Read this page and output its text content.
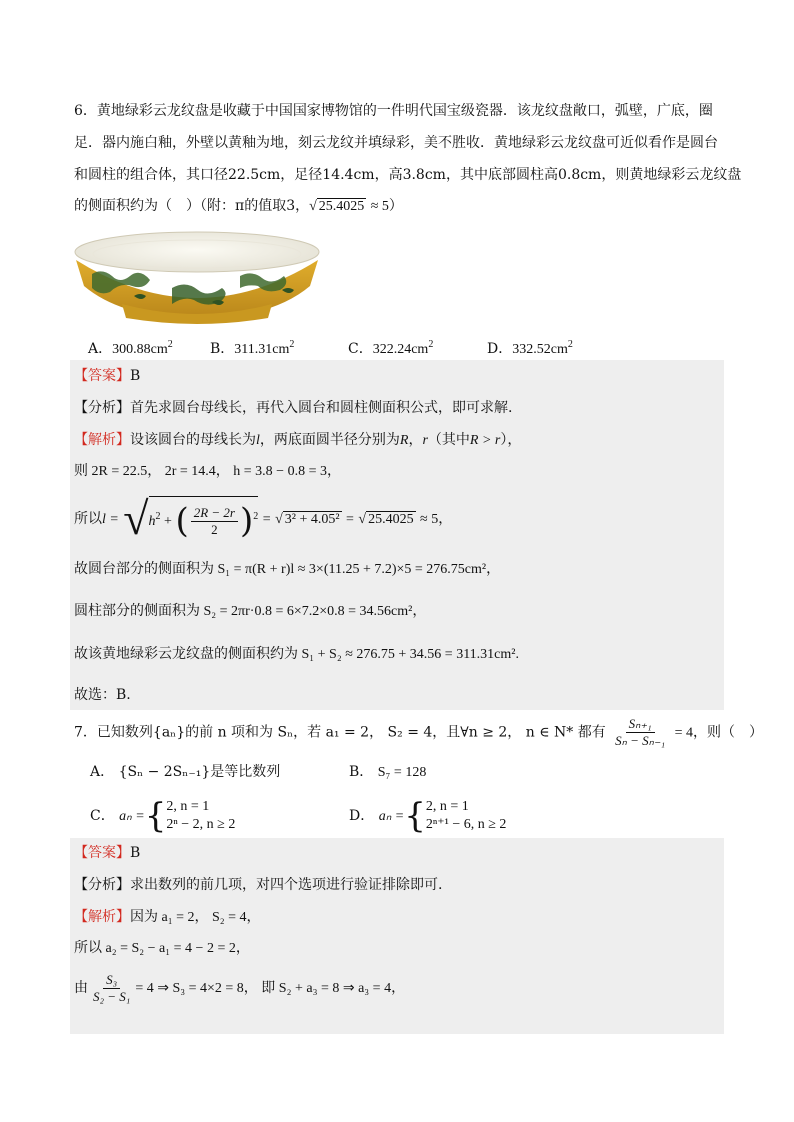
6．黄地绿彩云龙纹盘是收藏于中国国家博物馆的一件明代国宝级瓷器．该龙纹盘敞口，弧壁，广底，圈
足．器内施白釉，外壁以黄釉为地，刻云龙纹并填绿彩，美不胜收．黄地绿彩云龙纹盘可近似看作是圆台
和圆柱的组合体，其口径22.5cm，足径14.4cm，高3.8cm，其中底部圆柱高0.8cm，则黄地绿彩云龙纹盘
的侧面积约为（　）（附：π的值取3，√ 25.4025 ≈ 5）
A．$300.88cm^2$	B．$311.31cm^2$	C．$322.24cm^2$	D．$332.52cm^2$
【答案】B
【分析】首先求圆台母线长，再代入圆台和圆柱侧面积公式，即可求解.
【解析】设该圆台的母线长为l，两底面圆半径分别为R，r（其中R > r），
则 2R = 22.5， 2r = 14.4， h = 3.8 − 0.8 = 3，
所以$l = √h^2$ + ( $\frac{2R - 2r}{2} )^2$ = √ 3² + 4.05² = √ 25.4025 ≈ 5，
故圆台部分的侧面积为 S₁ = π(R + r)l ≈ 3×(11.25 + 7.2)×5 = 276.75cm²，
圆柱部分的侧面积为 S₂ = 2πr·0.8 = 6×7.2×0.8 = 34.56cm²，
故该黄地绿彩云龙纹盘的侧面积约为 S₁ + S₂ ≈ 276.75 + 34.56 = 311.31cm².
故选：B.
7．已知数列{aₙ}的前 n 项和为 Sₙ，若 a₁ = 2， S₂ = 4，且∀n ≥ 2， n ∈ N* 都有 $\frac{\text{Sₙ₊₁}}{\text{Sₙ − Sₙ₋₁}} = 4$，则（　）
A． {Sₙ − 2Sₙ₋₁}是等比数列	B． S₇ = 128
C． aₙ ={ 2, n = 1
2ⁿ − 2, n ≥ 2
D． aₙ ={ 2, n = 1
2ⁿ⁺¹ − 6, n ≥ 2
【答案】B
【分析】求出数列的前几项，对四个选项进行验证排除即可.
【解析】因为 a₁ = 2， S₂ = 4，
所以 a₂ = S₂ − a₁ = 4 − 2 = 2，
由 $\frac{\text{S₃}}{\text{S₂ − S₁}} = 4$ ⇒ S₃ = 4×2 = 8， 即 S₂ + a₃ = 8 ⇒ a₃ = 4，
